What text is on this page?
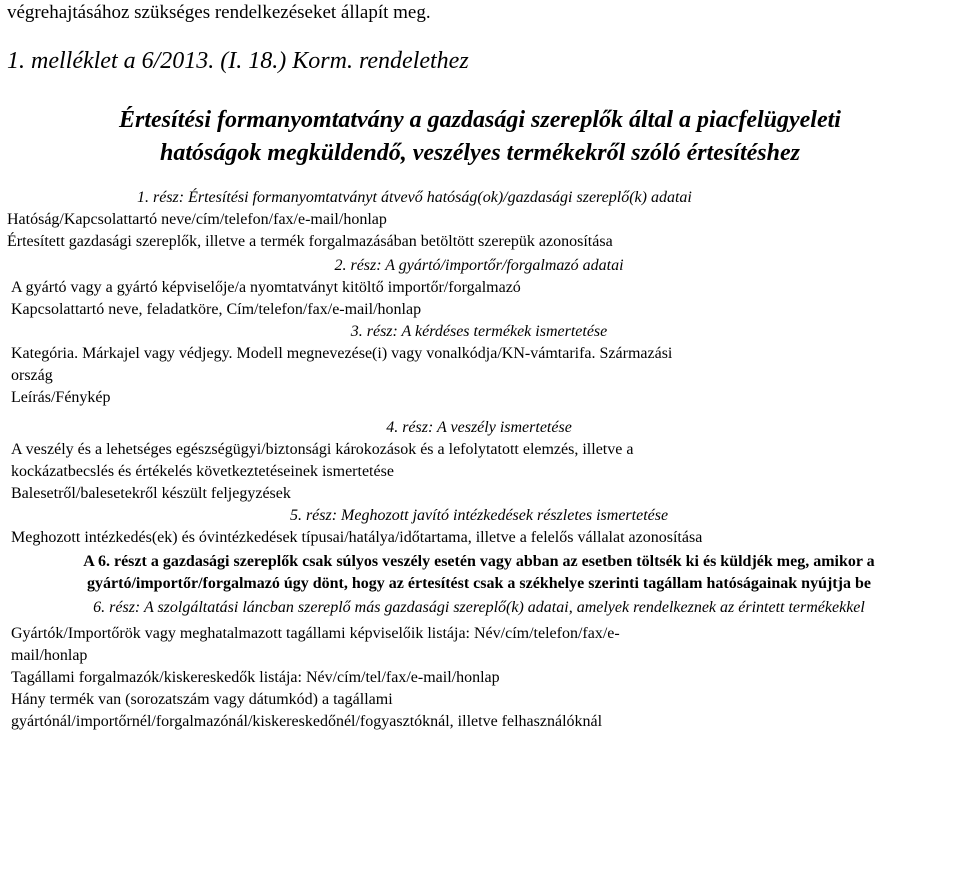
végrehajtásához szükséges rendelkezéseket állapít meg.
1. melléklet a 6/2013. (I. 18.) Korm. rendelethez
Értesítési formanyomtatvány a gazdasági szereplők által a piacfelügyeleti
hatóságok megküldendő, veszélyes termékekről szóló értesítéshez
1. rész: Értesítési formanyomtatványt átvevő hatóság(ok)/gazdasági szereplő(k) adatai
Hatóság/Kapcsolattartó neve/cím/telefon/fax/e-mail/honlap
Értesített gazdasági szereplők, illetve a termék forgalmazásában betöltött szerepük azonosítása
2. rész: A gyártó/importőr/forgalmazó adatai
A gyártó vagy a gyártó képviselője/a nyomtatványt kitöltő importőr/forgalmazó
Kapcsolattartó neve, feladatköre, Cím/telefon/fax/e-mail/honlap
3. rész: A kérdéses termékek ismertetése
Kategória. Márkajel vagy védjegy. Modell megnevezése(i) vagy vonalkódja/KN-vámtarifa. Származási ország
Leírás/Fénykép
4. rész: A veszély ismertetése
A veszély és a lehetséges egészségügyi/biztonsági károkozások és a lefolytatott elemzés, illetve a kockázatbecslés és értékelés következtetéseinek ismertetése
Balesetről/balesetekről készült feljegyzések
5. rész: Meghozott javító intézkedések részletes ismertetése
Meghozott intézkedés(ek) és óvintézkedések típusai/hatálya/időtartama, illetve a felelős vállalat azonosítása
A 6. részt a gazdasági szereplők csak súlyos veszély esetén vagy abban az esetben töltsék ki és küldjék meg, amikor a gyártó/importőr/forgalmazó úgy dönt, hogy az értesítést csak a székhelye szerinti tagállam hatóságainak nyújtja be
6. rész: A szolgáltatási láncban szereplő más gazdasági szereplő(k) adatai, amelyek rendelkeznek az érintett termékekkel
Gyártók/Importőrök vagy meghatalmazott tagállami képviselőik listája: Név/cím/telefon/fax/e-mail/honlap
Tagállami forgalmazók/kiskereskedők listája: Név/cím/tel/fax/e-mail/honlap
Hány termék van (sorozatszám vagy dátumkód) a tagállami gyártónál/importőrnél/forgalmazónál/kiskereskedőnél/fogyasztóknál, illetve felhasználóknál
